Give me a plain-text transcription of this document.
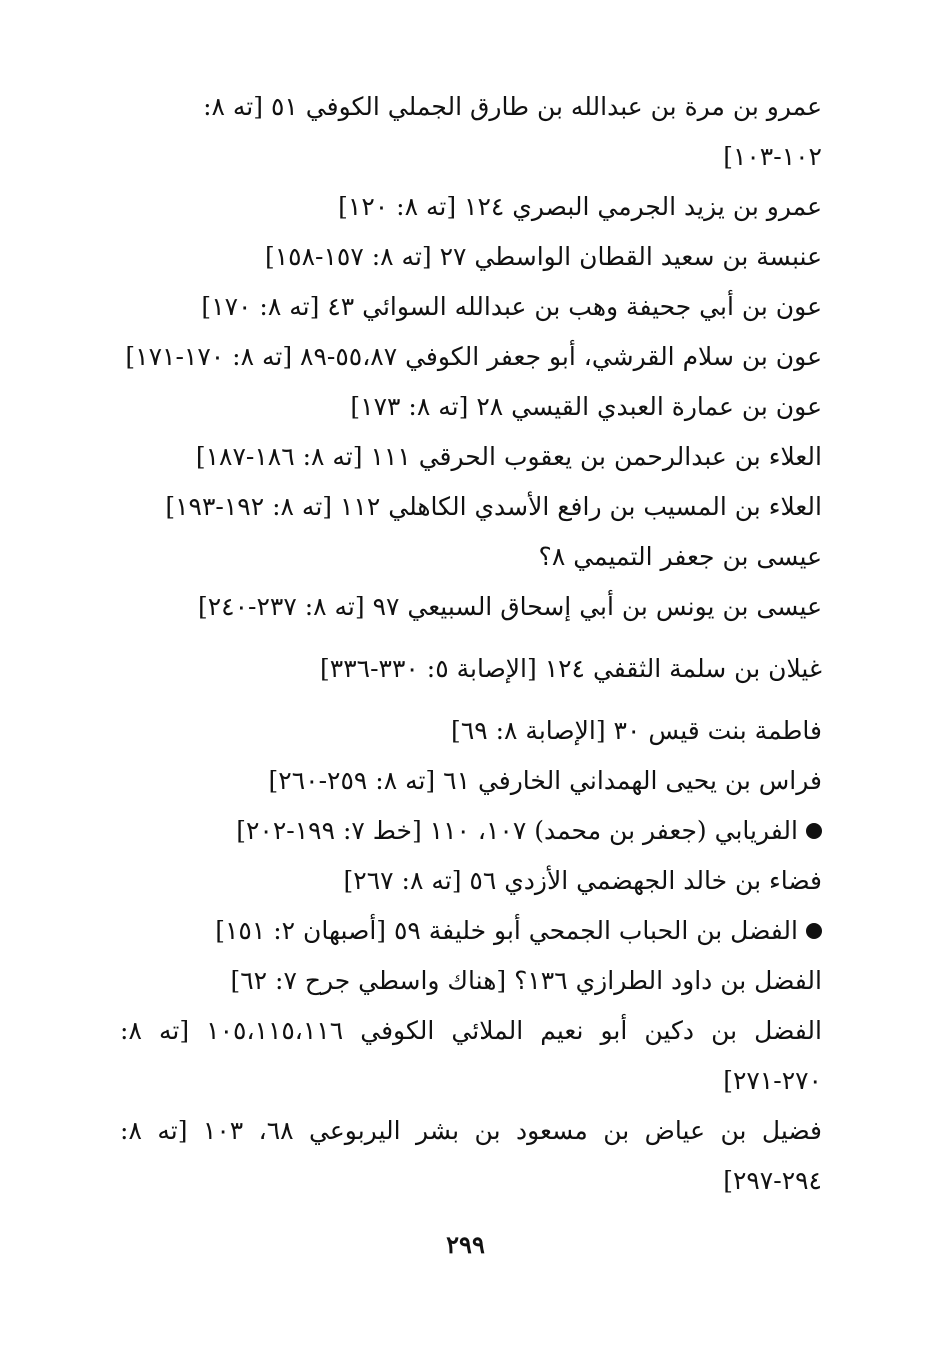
عمرو بن مرة بن عبدالله بن طارق الجملي الكوفي ٥١ [ته ٨: ١٠٢-١٠٣]

عمرو بن يزيد الجرمي البصري ١٢٤ [ته ٨: ١٢٠]

عنبسة بن سعيد القطان الواسطي ٢٧ [ته ٨: ١٥٧-١٥٨]

عون بن أبي جحيفة وهب بن عبدالله السوائي ٤٣ [ته ٨: ١٧٠]

عون بن سلام القرشي، أبو جعفر الكوفي ٥٥،٨٧-٨٩ [ته ٨: ١٧٠-١٧١]

عون بن عمارة العبدي القيسي ٢٨ [ته ٨: ١٧٣]

العلاء بن عبدالرحمن بن يعقوب الحرقي ١١١ [ته ٨: ١٨٦-١٨٧]

العلاء بن المسيب بن رافع الأسدي الكاهلي ١١٢ [ته ٨: ١٩٢-١٩٣]

عيسى بن جعفر التميمي ٨؟

عيسى بن يونس بن أبي إسحاق السبيعي ٩٧ [ته ٨: ٢٣٧-٢٤٠]

غيلان بن سلمة الثقفي ١٢٤ [الإصابة ٥: ٣٣٠-٣٣٦]

فاطمة بنت قيس ٣٠ [الإصابة ٨: ٦٩]

فراس بن يحيى الهمداني الخارفي ٦١ [ته ٨: ٢٥٩-٢٦٠]

الفريابي (جعفر بن محمد) ١٠٧، ١١٠ [خط ٧: ١٩٩-٢٠٢]

فضاء بن خالد الجهضمي الأزدي ٥٦ [ته ٨: ٢٦٧]

الفضل بن الحباب الجمحي أبو خليفة ٥٩ [أصبهان ٢: ١٥١]

الفضل بن داود الطرازي ١٣٦؟ [هناك واسطي جرح ٧: ٦٢]

الفضل بن دكين أبو نعيم الملائي الكوفي ١٠٥،١١٥،١١٦ [ته ٨: ٢٧٠-٢٧١]

فضيل بن عياض بن مسعود بن بشر اليربوعي ٦٨، ١٠٣ [ته ٨: ٢٩٤-٢٩٧]

٢٩٩
